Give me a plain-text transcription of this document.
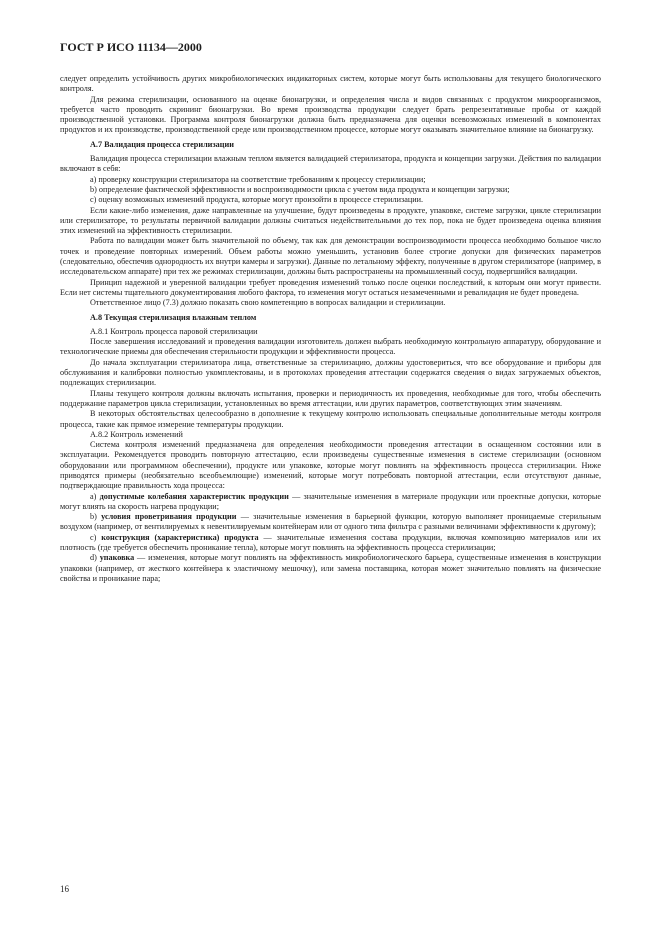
ГОСТ Р ИСО 11134—2000

следует определить устойчивость других микробиологических индикаторных систем, которые могут быть использованы для текущего биологического контроля.

Для режима стерилизации, основанного на оценке бионагрузки, и определения числа и видов связанных с продуктом микроорганизмов, требуется часто проводить скрининг бионагрузки. Во время производства продукции следует брать репрезентативные пробы от каждой производственной установки. Программа контроля бионагрузки должна быть предназначена для оценки всевозможных изменений в компонентах продуктов и их производстве, производственной среде или производственном процессе, которые могут оказывать значительное влияние на бионагрузку.

А.7 Валидация процесса стерилизации

Валидация процесса стерилизации влажным теплом является валидацией стерилизатора, продукта и концепции загрузки. Действия по валидации включают в себя:

а) проверку конструкции стерилизатора на соответствие требованиям к процессу стерилизации;

b) определение фактической эффективности и воспроизводимости цикла с учетом вида продукта и концепции загрузки;

с) оценку возможных изменений продукта, которые могут произойти в процессе стерилизации.

Если какие-либо изменения, даже направленные на улучшение, будут произведены в продукте, упаковке, системе загрузки, цикле стерилизации или стерилизаторе, то результаты первичной валидации должны считаться недействительными до тех пор, пока не будет произведена оценка влияния этих изменений на эффективность стерилизации.

Работа по валидации может быть значительной по объему, так как для демонстрации воспроизводимости процесса необходимо большое число точек и проведение повторных измерений. Объем работы можно уменьшить, установив более строгие допуски для физических параметров (следовательно, обеспечив однородность их внутри камеры и загрузки). Данные по летальному эффекту, полученные в другом стерилизаторе (например, в исследовательском аппарате) при тех же режимах стерилизации, должны быть распространены на промышленный сосуд, подвергшийся валидации.

Принцип надежной и уверенной валидации требует проведения изменений только после оценки последствий, к которым они могут привести. Если нет системы тщательного документирования любого фактора, то изменения могут остаться незамеченными и ревалидация не будет проведена.

Ответственное лицо (7.3) должно показать свою компетенцию в вопросах валидации и стерилизации.

А.8 Текущая стерилизация влажным теплом

А.8.1 Контроль процесса паровой стерилизации

После завершения исследований и проведения валидации изготовитель должен выбрать необходимую контрольную аппаратуру, оборудование и технологические приемы для обеспечения стерильности продукции и эффективности процесса.

До начала эксплуатации стерилизатора лица, ответственные за стерилизацию, должны удостовериться, что все оборудование и приборы для обслуживания и калибровки полностью укомплектованы, и в протоколах проведения аттестации содержатся сведения о видах загружаемых объектов, подлежащих стерилизации.

Планы текущего контроля должны включать испытания, проверки и периодичность их проведения, необходимые для того, чтобы обеспечить поддержание параметров цикла стерилизации, установленных во время аттестации, или других параметров, соответствующих этим значениям.

В некоторых обстоятельствах целесообразно в дополнение к текущему контролю использовать специальные дополнительные методы контроля процесса, такие как прямое измерение температуры продукции.

А.8.2 Контроль изменений

Система контроля изменений предназначена для определения необходимости проведения аттестации в оснащенном состоянии или в эксплуатации. Рекомендуется проводить повторную аттестацию, если произведены существенные изменения в системе стерилизации (основном оборудовании или программном обеспечении), продукте или упаковке, которые могут повлиять на эффективность процесса стерилизации. Ниже приводятся примеры (необязательно всеобъемлющие) изменений, которые могут потребовать повторной аттестации, если отсутствуют данные, подтверждающие правильность хода процесса:

а) допустимые колебания характеристик продукции — значительные изменения в материале продукции или проектные допуски, которые могут влиять на скорость нагрева продукции;

b) условия проветривания продукции — значительные изменения в барьерной функции, которую выполняет проницаемые стерильным воздухом (например, от вентилируемых к невентилируемым контейнерам или от одного типа фильтра с разными величинами эффективности к другому);

с) конструкция (характеристика) продукта — значительные изменения состава продукции, включая композицию материалов или их плотность (где требуется обеспечить проникание тепла), которые могут повлиять на эффективность процесса стерилизации;

d) упаковка — изменения, которые могут повлиять на эффективность микробиологического барьера, существенные изменения в конструкции упаковки (например, от жесткого контейнера к эластичному мешочку), или замена поставщика, которая может значительно повлиять на физические свойства и проникание пара;

16
